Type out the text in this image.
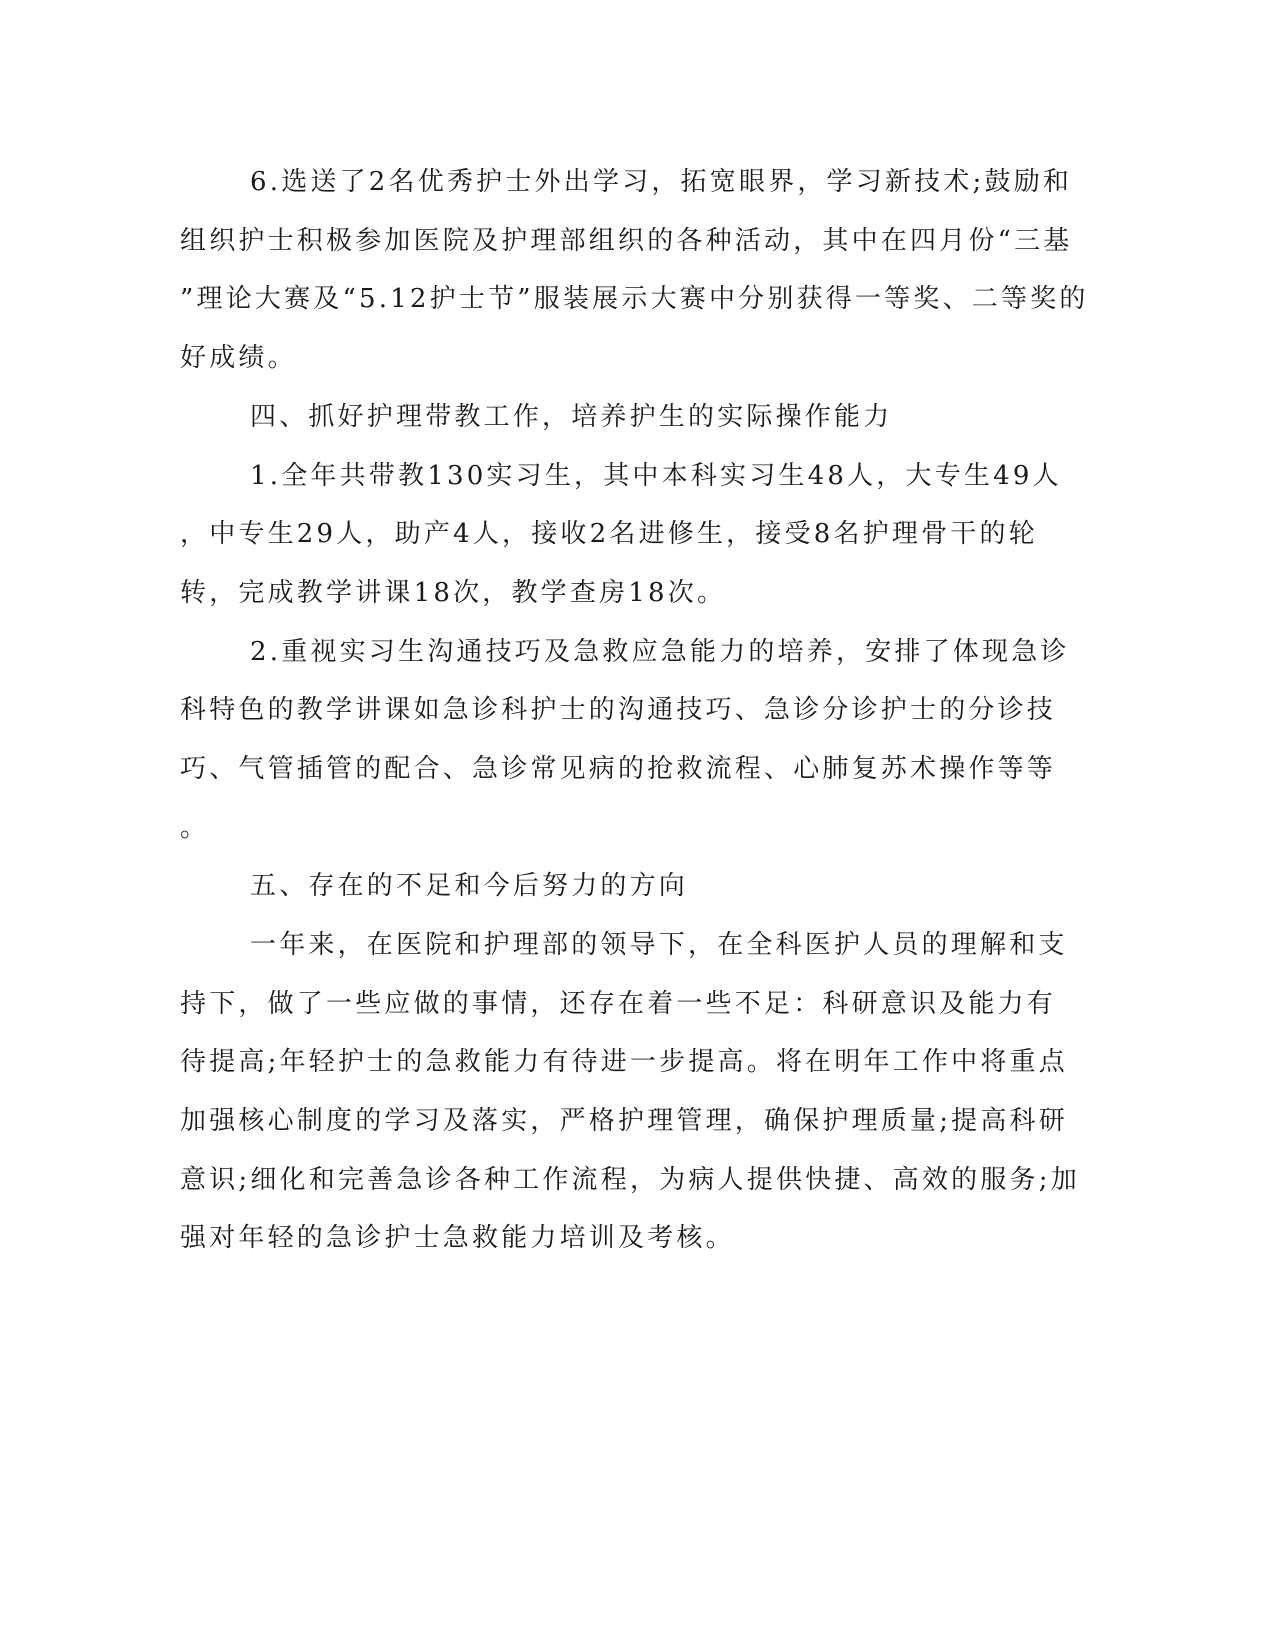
6.选送了2名优秀护士外出学习，拓宽眼界，学习新技术;鼓励和
组织护士积极参加医院及护理部组织的各种活动，其中在四月份“三基
”理论大赛及“5.12护士节”服装展示大赛中分别获得一等奖、二等奖的
好成绩。
四、抓好护理带教工作，培养护生的实际操作能力
1.全年共带教130实习生，其中本科实习生48人，大专生49人
，中专生29人，助产4人，接收2名进修生，接受8名护理骨干的轮
转，完成教学讲课18次，教学查房18次。
2.重视实习生沟通技巧及急救应急能力的培养，安排了体现急诊
科特色的教学讲课如急诊科护士的沟通技巧、急诊分诊护士的分诊技
巧、气管插管的配合、急诊常见病的抢救流程、心肺复苏术操作等等
。
五、存在的不足和今后努力的方向
一年来，在医院和护理部的领导下，在全科医护人员的理解和支
持下，做了一些应做的事情，还存在着一些不足：科研意识及能力有
待提高;年轻护士的急救能力有待进一步提高。将在明年工作中将重点
加强核心制度的学习及落实，严格护理管理，确保护理质量;提高科研
意识;细化和完善急诊各种工作流程，为病人提供快捷、高效的服务;加
强对年轻的急诊护士急救能力培训及考核。
